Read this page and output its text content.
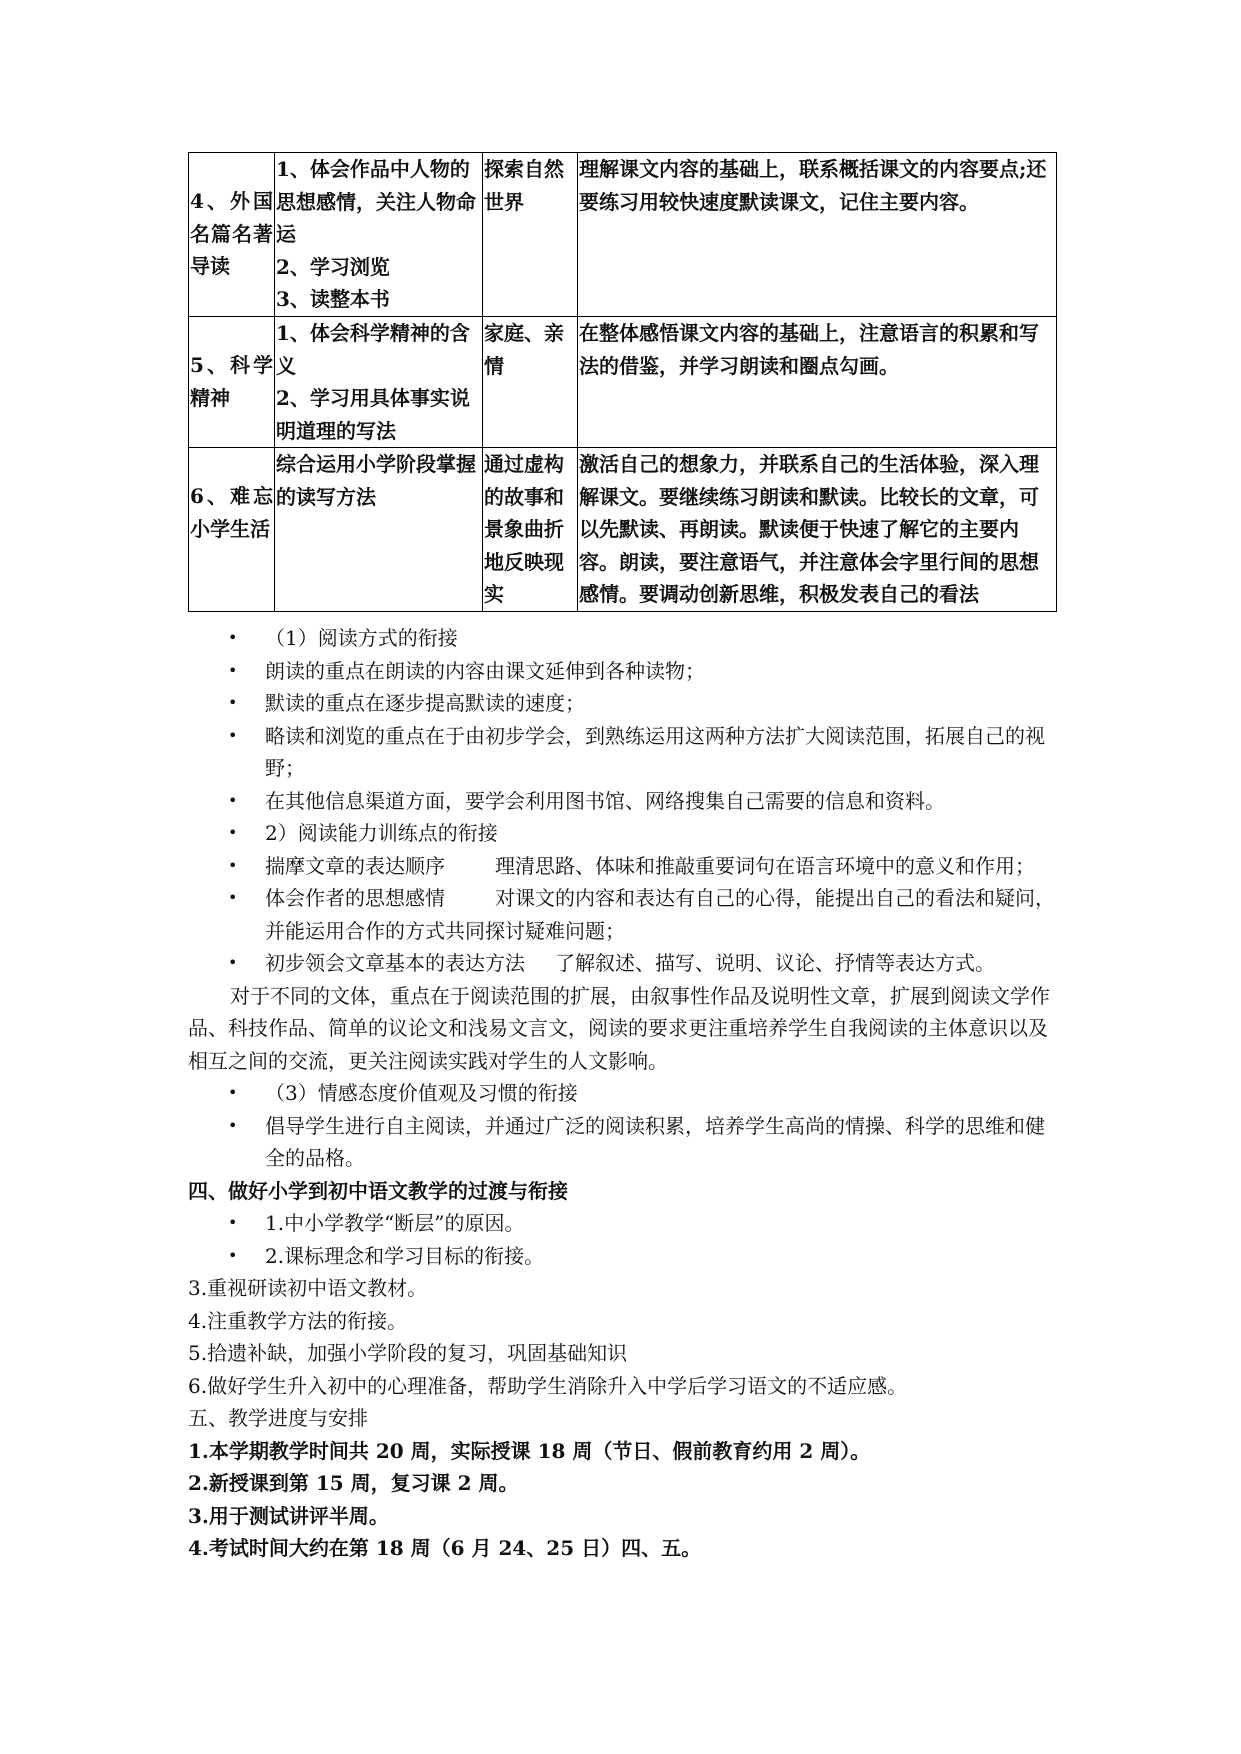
4、外国名篇名著导读	1、体会作品中人物的思想感情，关注人物命运
2、学习浏览
3、读整本书	探索自然世界	理解课文内容的基础上，联系概括课文的内容要点;还要练习用较快速度默读课文，记住主要内容。

5、科学精神	1、体会科学精神的含义
2、学习用具体事实说明道理的写法	家庭、亲情	在整体感悟课文内容的基础上，注意语言的积累和写法的借鉴，并学习朗读和圈点勾画。

6、难忘小学生活	综合运用小学阶段掌握的读写方法	通过虚构的故事和景象曲折地反映现实	激活自己的想象力，并联系自己的生活体验，深入理解课文。要继续练习朗读和默读。比较长的文章，可以先默读、再朗读。默读便于快速了解它的主要内容。朗读，要注意语气，并注意体会字里行间的思想感情。要调动创新思维，积极发表自己的看法
• （1）阅读方式的衔接
• 朗读的重点在朗读的内容由课文延伸到各种读物；
• 默读的重点在逐步提高默读的速度；
• 略读和浏览的重点在于由初步学会，到熟练运用这两种方法扩大阅读范围，拓展自己的视野；
• 在其他信息渠道方面，要学会利用图书馆、网络搜集自己需要的信息和资料。
• 2）阅读能力训练点的衔接
• 揣摩文章的表达顺序	理清思路、体味和推敲重要词句在语言环境中的意义和作用；
• 体会作者的思想感情	对课文的内容和表达有自己的心得，能提出自己的看法和疑问，并能运用合作的方式共同探讨疑难问题；
• 初步领会文章基本的表达方法 了解叙述、描写、说明、议论、抒情等表达方式。

对于不同的文体，重点在于阅读范围的扩展，由叙事性作品及说明性文章，扩展到阅读文学作品、科技作品、简单的议论文和浅易文言文，阅读的要求更注重培养学生自我阅读的主体意识以及相互之间的交流，更关注阅读实践对学生的人文影响。

• （3）情感态度价值观及习惯的衔接
• 倡导学生进行自主阅读，并通过广泛的阅读积累，培养学生高尚的情操、科学的思维和健全的品格。
四、做好小学到初中语文教学的过渡与衔接
• 1.中小学教学“断层”的原因。
• 2.课标理念和学习目标的衔接。
3.重视研读初中语文教材。
4.注重教学方法的衔接。
5.拾遗补缺，加强小学阶段的复习，巩固基础知识
6.做好学生升入初中的心理准备，帮助学生消除升入中学后学习语文的不适应感。
五、教学进度与安排
1.本学期教学时间共 20 周，实际授课 18 周（节日、假前教育约用 2 周）。
2.新授课到第 15 周，复习课 2 周。
3.用于测试讲评半周。
4.考试时间大约在第 18 周（6 月 24、25 日）四、五。
